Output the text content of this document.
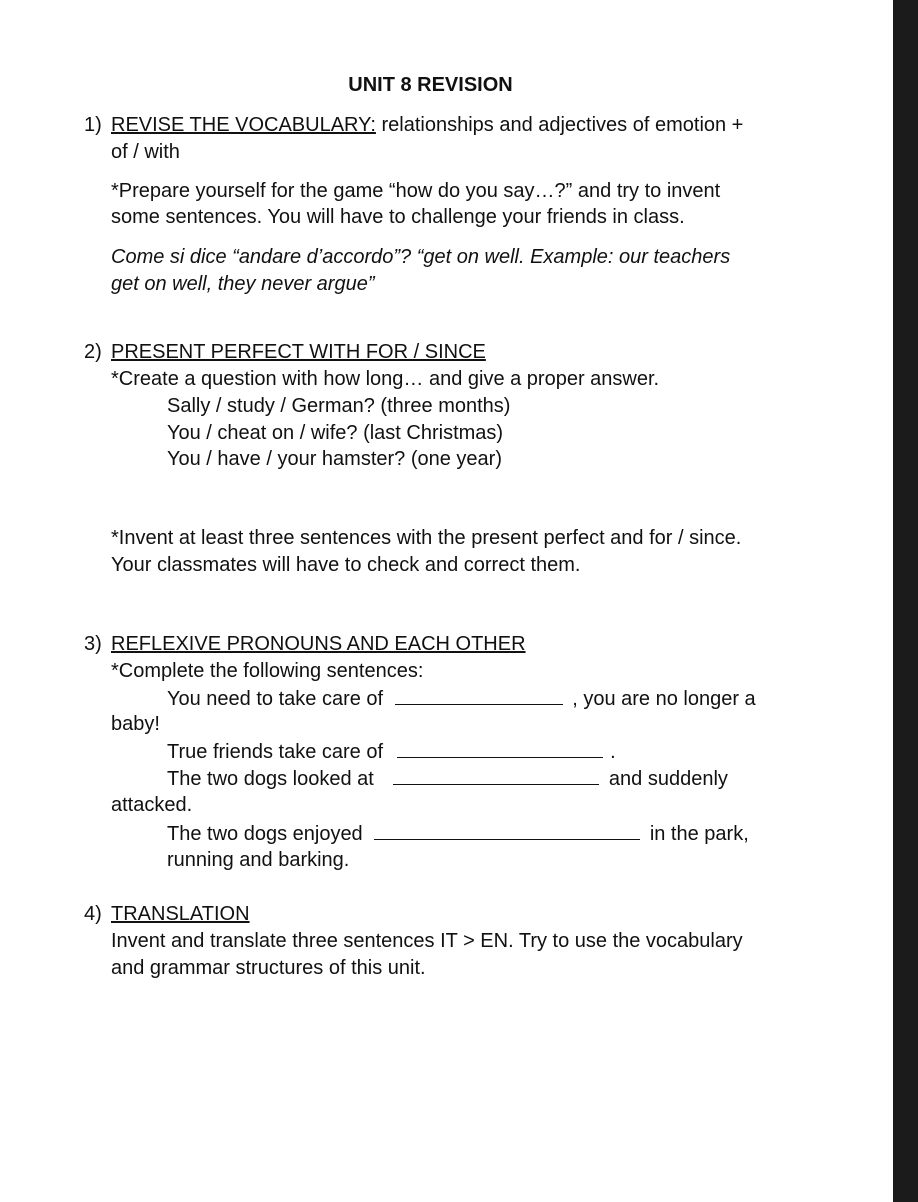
UNIT 8 REVISION
1) REVISE THE VOCABULARY: relationships and adjectives of emotion +
of / with
*Prepare yourself for the game “how do you say…?” and try to invent
some sentences. You will have to challenge your friends in class.
Come si dice “andare d’accordo”? “get on well. Example: our teachers
get on well, they never argue”
2) PRESENT PERFECT WITH FOR / SINCE
*Create a question with how long… and give a proper answer.
Sally / study / German? (three months)
You / cheat on / wife? (last Christmas)
You / have / your hamster? (one year)
*Invent at least three sentences with the present perfect and for / since.
Your classmates will have to check and correct them.
3) REFLEXIVE PRONOUNS AND EACH OTHER
*Complete the following sentences:
You need to take care of	, you are no longer a
baby!
True friends take care of	.
The two dogs looked at	and suddenly
attacked.
The two dogs enjoyed	in the park,
running and barking.
4) TRANSLATION
Invent and translate three sentences IT > EN. Try to use the vocabulary
and grammar structures of this unit.
